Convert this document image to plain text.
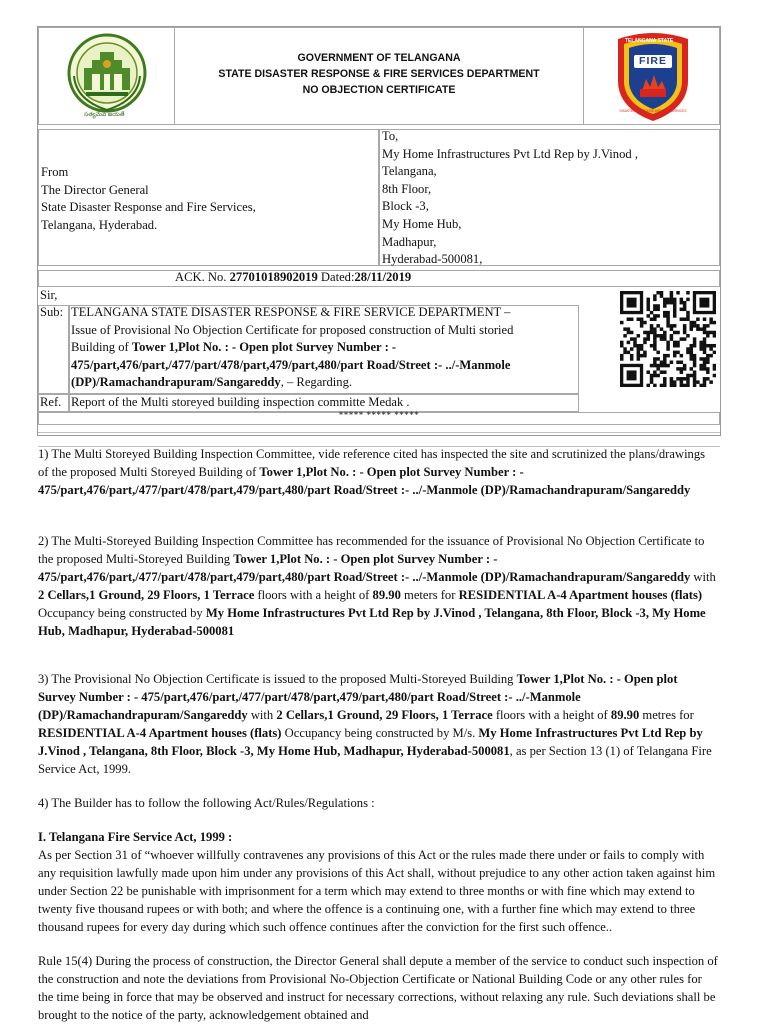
సత్యమేవ జయతే
GOVERNMENT OF TELANGANA
STATE DISASTER RESPONSE & FIRE SERVICES DEPARTMENT
NO OBJECTION CERTIFICATE
TELANGANA STATE
FIRE
DISASTER RESPONSE AND FIRE SERVICES
From
The Director General
State Disaster Response and Fire Services,
Telangana, Hyderabad.
To,
My Home Infrastructures Pvt Ltd Rep by J.Vinod ,
Telangana,
8th Floor,
Block -3,
My Home Hub,
Madhapur,
Hyderabad-500081,
ACK. No. 27701018902019 Dated:28/11/2019
Sir,
Sub: TELANGANA STATE DISASTER RESPONSE & FIRE SERVICE DEPARTMENT –
Issue of Provisional No Objection Certificate for proposed construction of Multi storied
Building of Tower 1,Plot No. : - Open plot Survey Number : -
475/part,476/part,/477/part/478/part,479/part,480/part Road/Street :- ../-Manmole
(DP)/Ramachandrapuram/Sangareddy, – Regarding.
Ref. Report of the Multi storeyed building inspection committe Medak .
***** ***** *****
1) The Multi Storeyed Building Inspection Committee, vide reference cited has inspected the site and scrutinized the plans/drawings of the proposed Multi Storeyed Building of Tower 1,Plot No. : - Open plot Survey Number : - 475/part,476/part,/477/part/478/part,479/part,480/part Road/Street :- ../-Manmole (DP)/Ramachandrapuram/Sangareddy
2) The Multi-Storeyed Building Inspection Committee has recommended for the issuance of Provisional No Objection Certificate to the proposed Multi-Storeyed Building Tower 1,Plot No. : - Open plot Survey Number : - 475/part,476/part,/477/part/478/part,479/part,480/part Road/Street :- ../-Manmole (DP)/Ramachandrapuram/Sangareddy with 2 Cellars,1 Ground, 29 Floors, 1 Terrace floors with a height of 89.90 meters for RESIDENTIAL A-4 Apartment houses (flats) Occupancy being constructed by My Home Infrastructures Pvt Ltd Rep by J.Vinod , Telangana, 8th Floor, Block -3, My Home Hub, Madhapur, Hyderabad-500081
3) The Provisional No Objection Certificate is issued to the proposed Multi-Storeyed Building Tower 1,Plot No. : - Open plot Survey Number : - 475/part,476/part,/477/part/478/part,479/part,480/part Road/Street :- ../-Manmole (DP)/Ramachandrapuram/Sangareddy with 2 Cellars,1 Ground, 29 Floors, 1 Terrace floors with a height of 89.90 metres for RESIDENTIAL A-4 Apartment houses (flats) Occupancy being constructed by M/s. My Home Infrastructures Pvt Ltd Rep by J.Vinod , Telangana, 8th Floor, Block -3, My Home Hub, Madhapur, Hyderabad-500081, as per Section 13 (1) of Telangana Fire Service Act, 1999.
4) The Builder has to follow the following Act/Rules/Regulations :
I. Telangana Fire Service Act, 1999 :
As per Section 31 of “whoever willfully contravenes any provisions of this Act or the rules made there under or fails to comply with any requisition lawfully made upon him under any provisions of this Act shall, without prejudice to any other action taken against him under Section 22 be punishable with imprisonment for a term which may extend to three months or with fine which may extend to twenty five thousand rupees or with both; and where the offence is a continuing one, with a further fine which may extend to three thousand rupees for every day during which such offence continues after the conviction for the first such offence..
Rule 15(4) During the process of construction, the Director General shall depute a member of the service to conduct such inspection of the construction and note the deviations from Provisional No-Objection Certificate or National Building Code or any other rules for the time being in force that may be observed and instruct for necessary corrections, without relaxing any rule. Such deviations shall be brought to the notice of the party, acknowledgement obtained and
